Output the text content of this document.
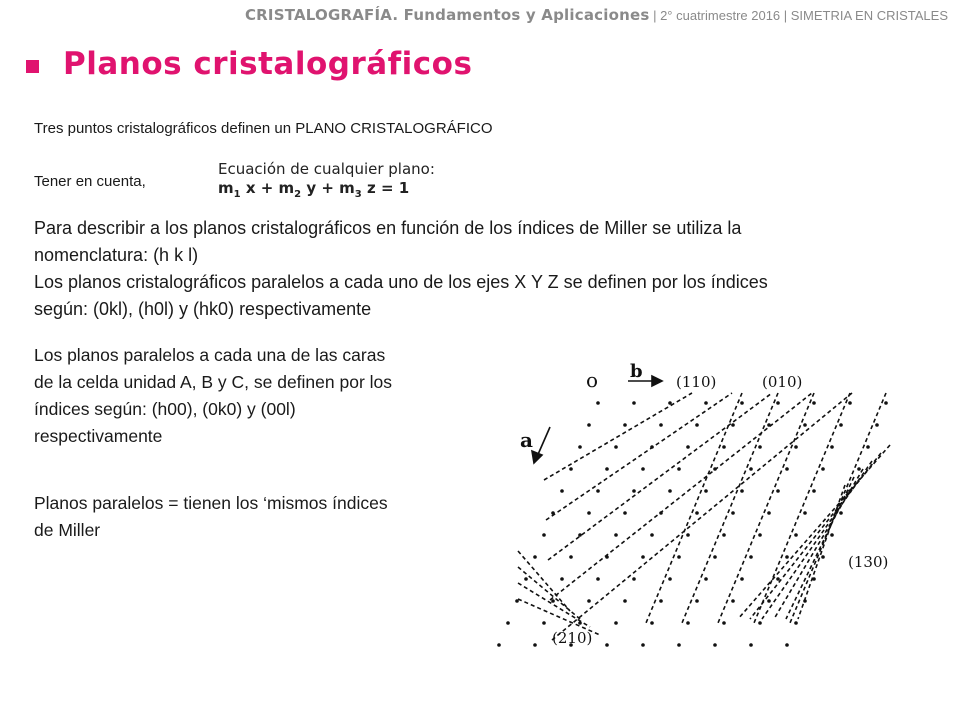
CRISTALOGRAFÍA. Fundamentos y Aplicaciones | 2° cuatrimestre 2016 | SIMETRIA EN CRISTALES
Planos cristalográficos
Tres puntos cristalográficos definen un PLANO CRISTALOGRÁFICO
Tener en cuenta,
Ecuación de cualquier plano:
$m_1$ $x + m_2$ $y + m_3$ z = 1
Para describir a los planos cristalográficos en función de los índices de Miller se utiliza la
nomenclatura: (h k l)
Los planos cristalográficos paralelos a cada uno de los ejes X Y Z se definen por los índices
según: (0kl), (h0l) y (hk0) respectivamente
Los planos paralelos a cada una de las caras
de la celda unidad A, B y C, se definen por los
índices según: (h00), (0k0) y (00l)
respectivamente
Planos paralelos = tienen los ‘mismos índices
de Miller
o b
a
(110)	(010)
(130)
(210)
